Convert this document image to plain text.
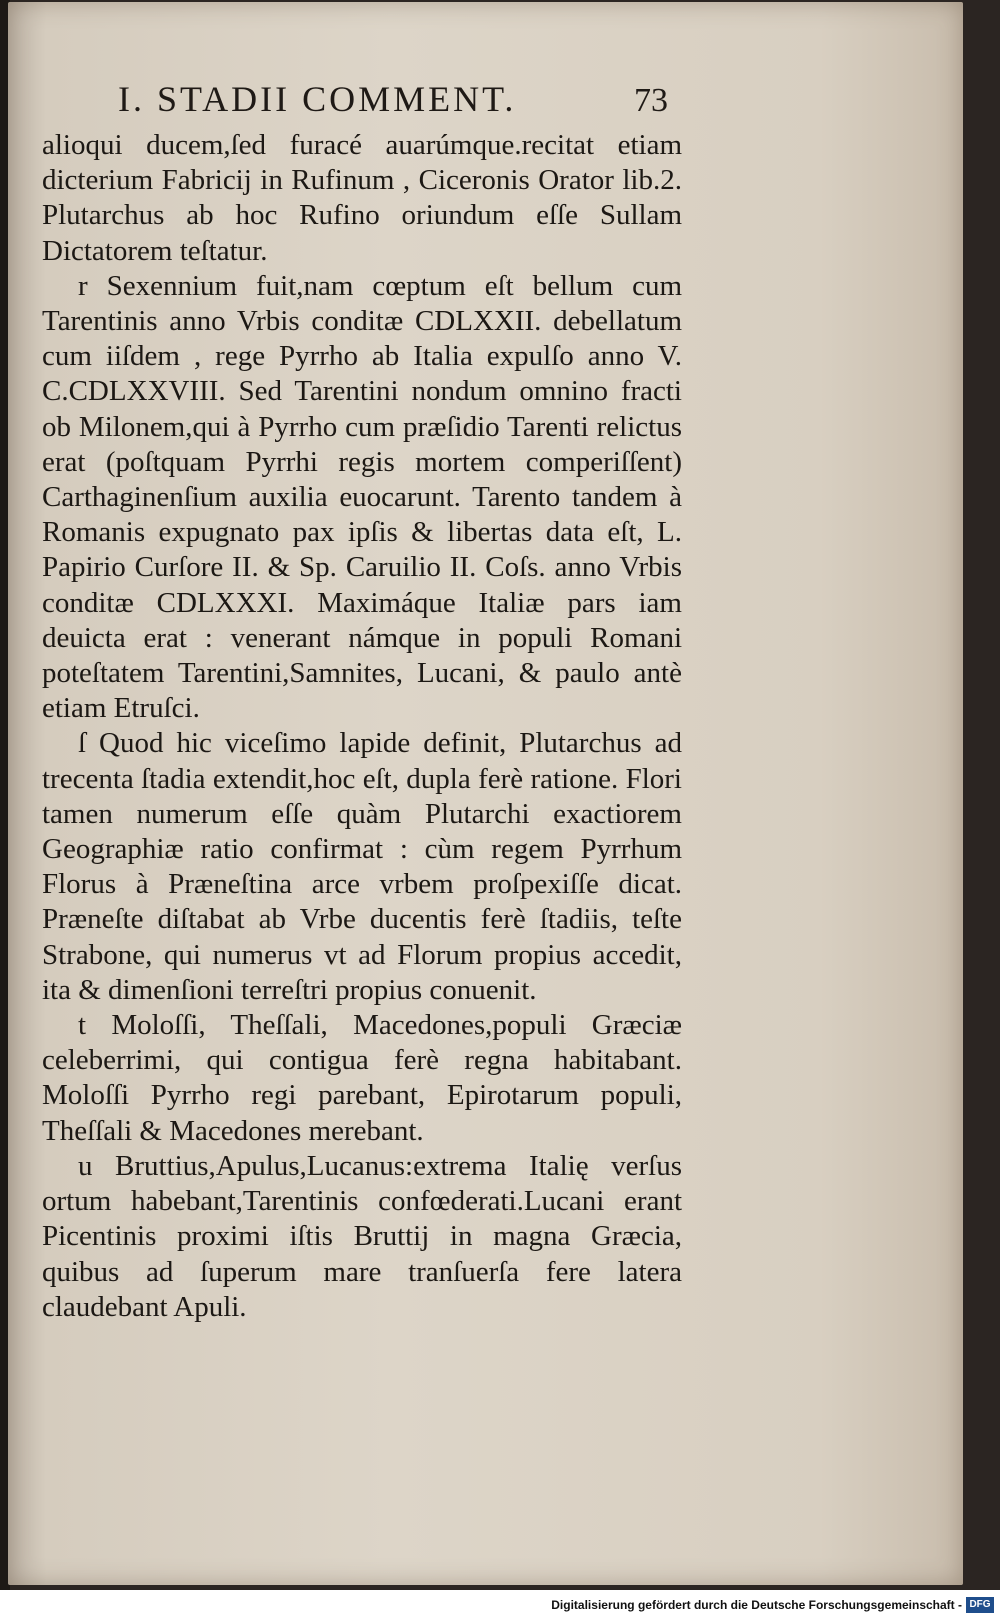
I. STADII COMMENT.	73

alioqui ducem,ſed furacé auarúmque.recitat etiam dicterium Fabricij in Rufinum , Ciceronis Orator lib.2. Plutarchus ab hoc Rufino oriundum eſſe Sullam Dictatorem teſtatur.

r Sexennium fuit,nam cœptum eſt bellum cum Tarentinis anno Vrbis conditæ CDLXXII. debellatum cum iiſdem , rege Pyrrho ab Italia expulſo anno V. C.CDLXXVIII. Sed Tarentini nondum omnino fracti ob Milonem,qui à Pyrrho cum præſidio Tarenti relictus erat (poſtquam Pyrrhi regis mortem comperiſſent) Carthaginenſium auxilia euocarunt. Tarento tandem à Romanis expugnato pax ipſis & libertas data eſt, L. Papirio Curſore II. & Sp. Caruilio II. Coſs. anno Vrbis conditæ CDLXXXI. Maximáque Italiæ pars iam deuicta erat : venerant námque in populi Romani poteſtatem Tarentini,Samnites, Lucani, & paulo antè etiam Etruſci.

ſ Quod hic viceſimo lapide definit, Plutarchus ad trecenta ſtadia extendit,hoc eſt, dupla ferè ratione. Flori tamen numerum eſſe quàm Plutarchi exactiorem Geographiæ ratio confirmat : cùm regem Pyrrhum Florus à Præneſtina arce vrbem proſpexiſſe dicat. Præneſte diſtabat ab Vrbe ducentis ferè ſtadiis, teſte Strabone, qui numerus vt ad Florum propius accedit, ita & dimenſioni terreſtri propius conuenit.

t Moloſſi, Theſſali, Macedones,populi Græciæ celeberrimi, qui contigua ferè regna habitabant. Moloſſi Pyrrho regi parebant, Epirotarum populi, Theſſali & Macedones merebant.

u Bruttius,Apulus,Lucanus:extrema Italię verſus ortum habebant,Tarentinis confœderati.Lucani erant Picentinis proximi iſtis Bruttij in magna Græcia, quibus ad ſuperum mare tranſuerſa fere latera claudebant Apuli.

Digitalisierung gefördert durch die Deutsche Forschungsgemeinschaft - DFG
